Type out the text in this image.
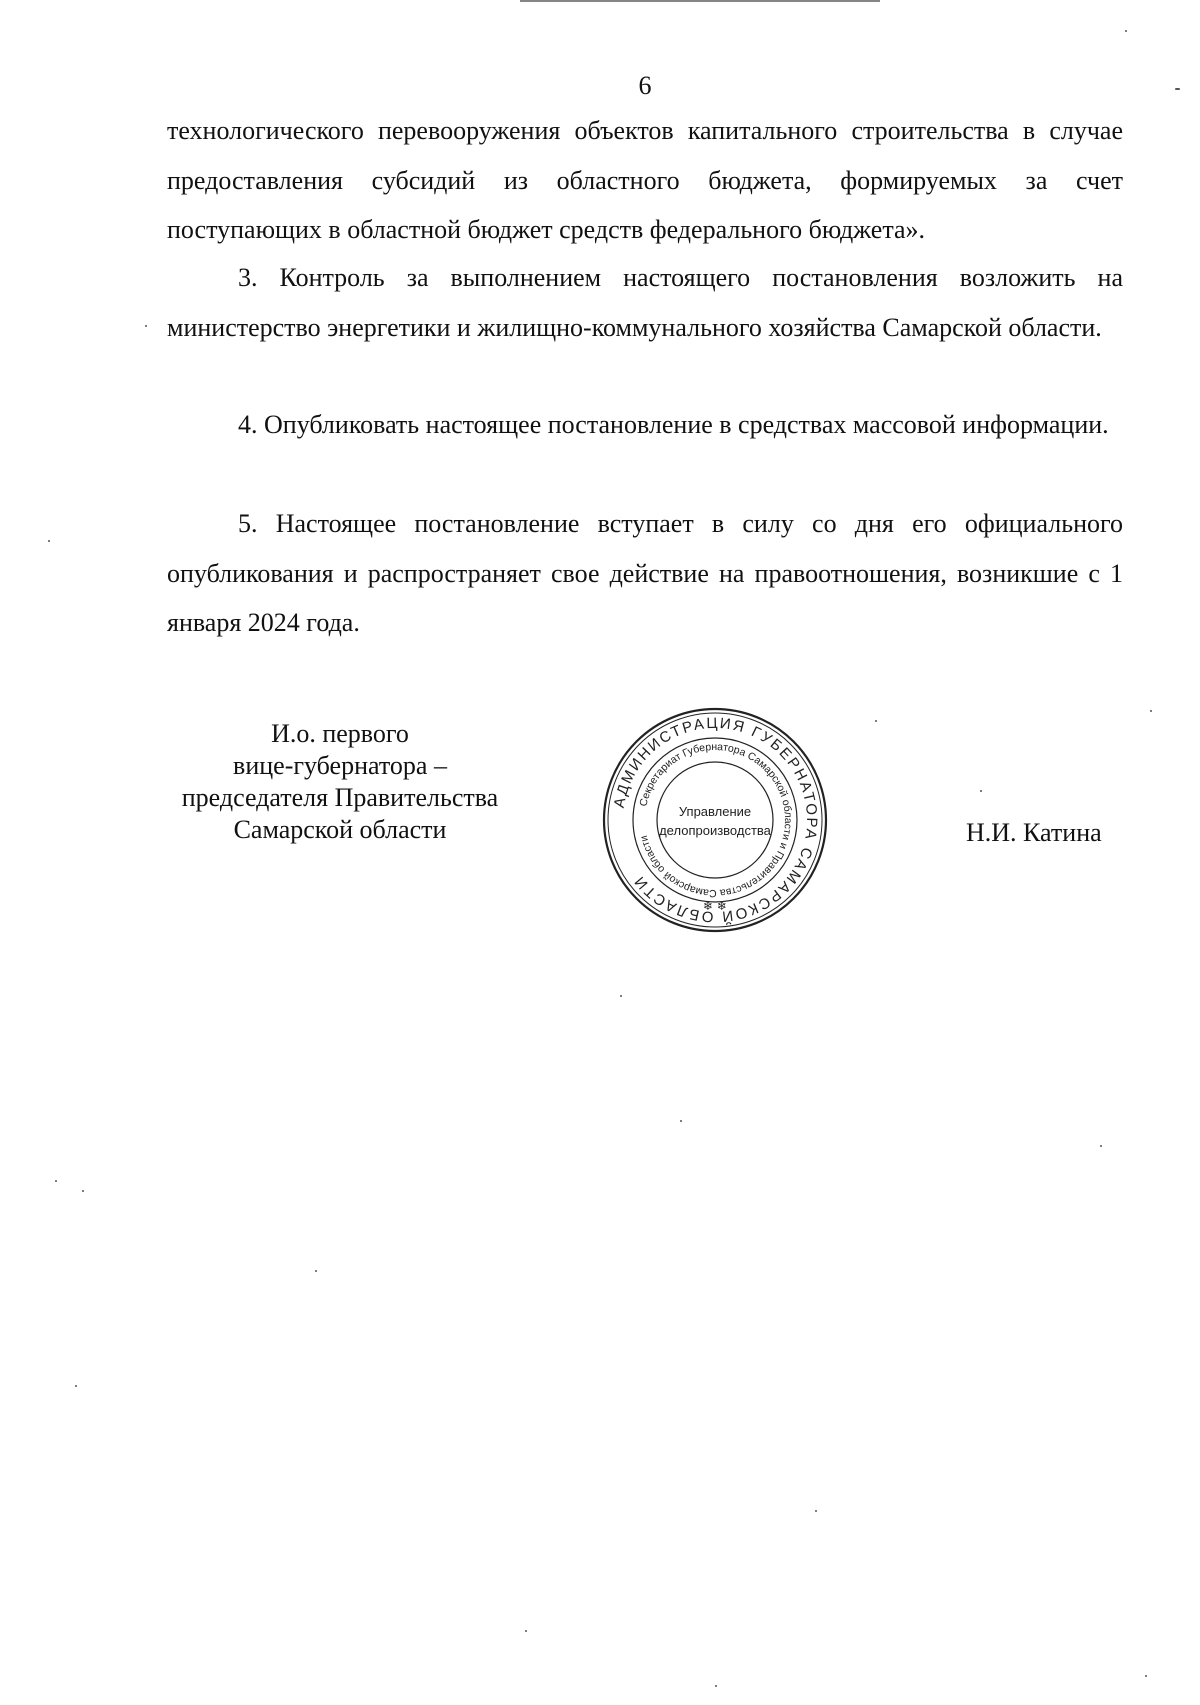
6

технологического перевооружения объектов капитального строительства в случае предоставления субсидий из областного бюджета, формируемых за счет поступающих в областной бюджет средств федерального бюджета».

3. Контроль за выполнением настоящего постановления возложить на министерство энергетики и жилищно-коммунального хозяйства Самарской области.

4. Опубликовать настоящее постановление в средствах массовой информации.

5. Настоящее постановление вступает в силу со дня его официального опубликования и распространяет свое действие на правоотношения, возникшие с 1 января 2024 года.

И.о. первого
вице-губернатора –
председателя Правительства
Самарской области
АДМИНИСТРАЦИЯ ГУБЕРНАТОРА САМАРСКОЙ ОБЛАСТИ
Секретариат Губернатора Самарской области и Правительства Самарской области
Управление
делопроизводства
❄ ❄
Н.И. Катина
